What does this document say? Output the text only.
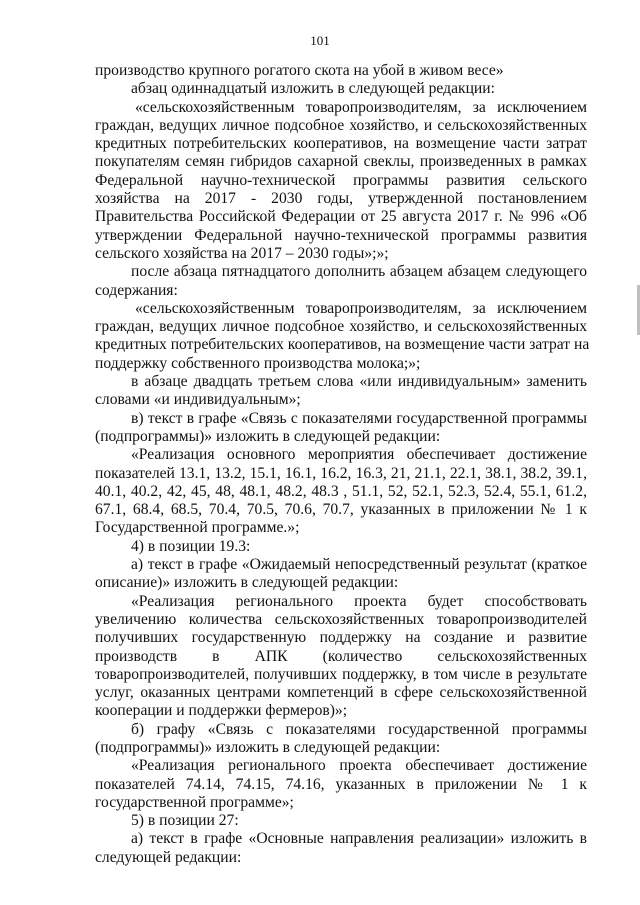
101
производство крупного рогатого скота на убой в живом весе»
абзац одиннадцатый изложить в следующей редакции:
«сельскохозяйственным товаропроизводителям, за исключением
граждан, ведущих личное подсобное хозяйство, и сельскохозяйственных
кредитных потребительских кооперативов, на возмещение части затрат
покупателям семян гибридов сахарной свеклы, произведенных в рамках
Федеральной научно-технической программы развития сельского
хозяйства на 2017 - 2030 годы, утвержденной постановлением
Правительства Российской Федерации от 25 августа 2017 г. № 996 «Об
утверждении Федеральной научно-технической программы развития
сельского хозяйства на 2017 – 2030 годы»;»;
после абзаца пятнадцатого дополнить абзацем абзацем следующего
содержания:
«сельскохозяйственным товаропроизводителям, за исключением
граждан, ведущих личное подсобное хозяйство, и сельскохозяйственных
кредитных потребительских кооперативов, на возмещение части затрат на
поддержку собственного производства молока;»;
в абзаце двадцать третьем слова «или индивидуальным» заменить
словами «и индивидуальным»;
в) текст в графе «Связь с показателями государственной программы
(подпрограммы)» изложить в следующей редакции:
«Реализация основного мероприятия обеспечивает достижение
показателей 13.1, 13.2, 15.1, 16.1, 16.2, 16.3, 21, 21.1, 22.1, 38.1, 38.2, 39.1,
40.1, 40.2, 42, 45, 48, 48.1, 48.2, 48.3 , 51.1, 52, 52.1, 52.3, 52.4, 55.1, 61.2,
67.1, 68.4, 68.5, 70.4, 70.5, 70.6, 70.7, указанных в приложении № 1 к
Государственной программе.»;
4) в позиции 19.3:
а) текст в графе «Ожидаемый непосредственный результат (краткое
описание)» изложить в следующей редакции:
«Реализация регионального проекта будет способствовать
увеличению количества сельскохозяйственных товаропроизводителей
получивших государственную поддержку на создание и развитие
производств в АПК (количество сельскохозяйственных
товаропроизводителей, получивших поддержку, в том числе в результате
услуг, оказанных центрами компетенций в сфере сельскохозяйственной
кооперации и поддержки фермеров)»;
б) графу «Связь с показателями государственной программы
(подпрограммы)» изложить в следующей редакции:
«Реализация регионального проекта обеспечивает достижение
показателей 74.14, 74.15, 74.16, указанных в приложении № 1 к
государственной программе»;
5) в позиции 27:
а) текст в графе «Основные направления реализации» изложить в
следующей редакции:
